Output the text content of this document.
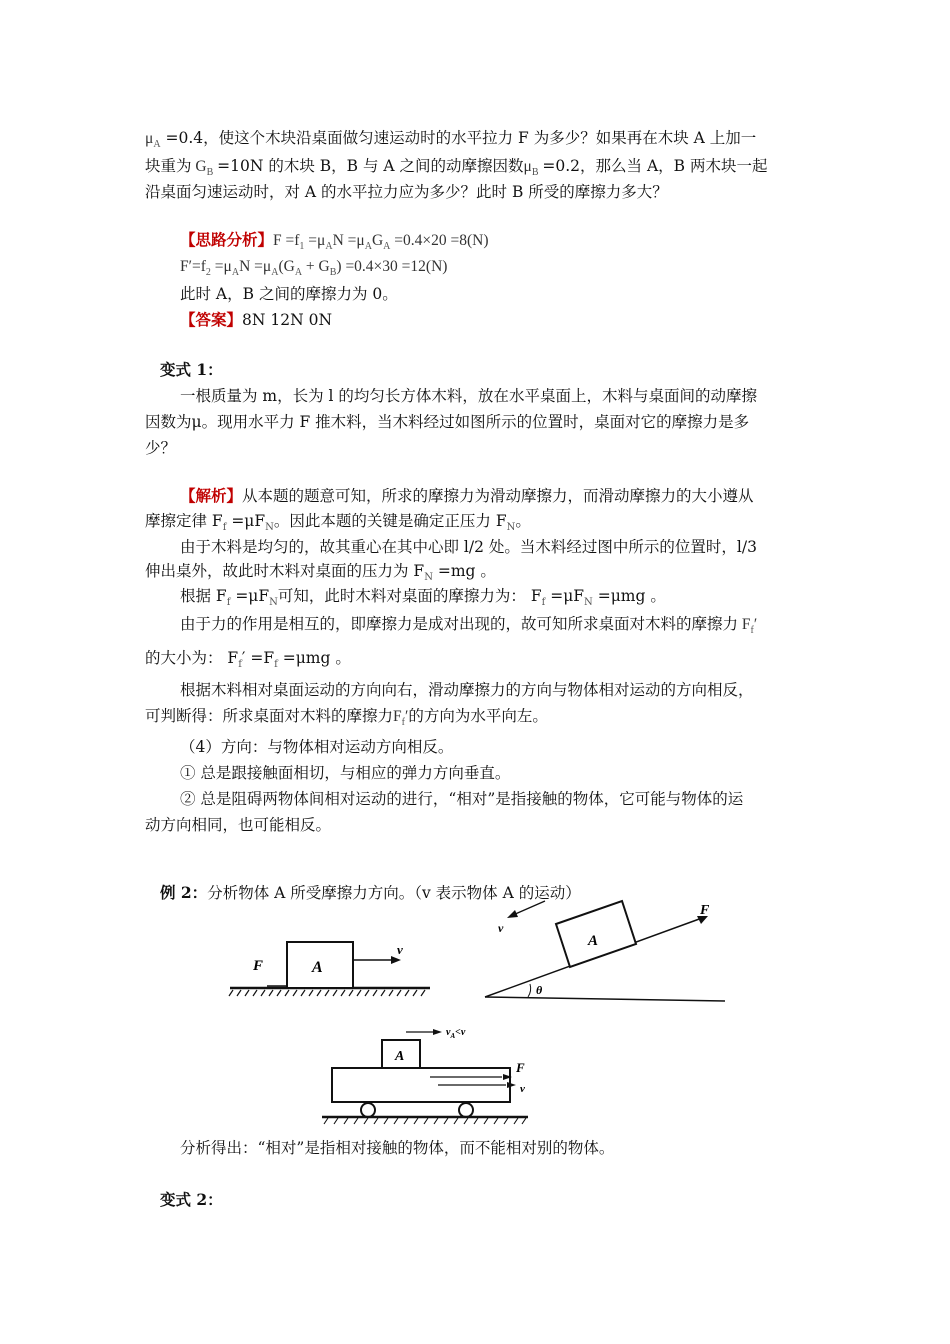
$\mu_A =0.4$，使这个木块沿桌面做匀速运动时的水平拉力 F 为多少？如果再在木块 A 上加一
块重为 $G_B =10N$ 的木块 B，B 与 A 之间的动摩擦因数$\mu_B =0.2$，那么当 A，B 两木块一起
沿桌面匀速运动时，对 A 的水平拉力应为多少？此时 B 所受的摩擦力多大？
【思路分析】$F =f_1 =\mu_AN =\mu_AG_A =0.4\times 20 =8(N)$
$F'=f_2 =\mu_AN =\mu_A(G_A + G_B) =0.4\times 30 =12(N)$
此时 A，B 之间的摩擦力为 0。
【答案】8N 12N 0N
变式 1：
一根质量为 m，长为 l 的均匀长方体木料，放在水平桌面上，木料与桌面间的动摩擦
因数为μ。现用水平力 F 推木料，当木料经过如图所示的位置时，桌面对它的摩擦力是多
少？
【解析】从本题的题意可知，所求的摩擦力为滑动摩擦力，而滑动摩擦力的大小遵从
摩擦定律 $F_f =\mu F_N$。因此本题的关键是确定正压力 $F_N$。
由于木料是均匀的，故其重心在其中心即 l/2 处。当木料经过图中所示的位置时，l/3
伸出桌外，故此时木料对桌面的压力为 $F_N =mg$ 。
根据 $F_f =\mu F_N$可知，此时木料对桌面的摩擦力为： $F_f =\mu F_N =\mu mg$ 。
由于力的作用是相互的，即摩擦力是成对出现的，故可知所求桌面对木料的摩擦力 $F_f'$
的大小为： $F_f' =F_f =\mu mg$ 。
根据木料相对桌面运动的方向向右，滑动摩擦力的方向与物体相对运动的方向相反，
可判断得：所求桌面对木料的摩擦力$F_f'$的方向为水平向左。
（4）方向：与物体相对运动方向相反。
① 总是跟接触面相切，与相应的弹力方向垂直。
② 总是阻碍两物体间相对运动的进行，“相对”是指接触的物体，它可能与物体的运
动方向相同，也可能相反。
例 2：分析物体 A 所受摩擦力方向。（v 表示物体 A 的运动）
F	A
v
v
A
F
θ
A
$v_A<v$
F
v
分析得出：“相对”是指相对接触的物体，而不能相对别的物体。
变式 2：
